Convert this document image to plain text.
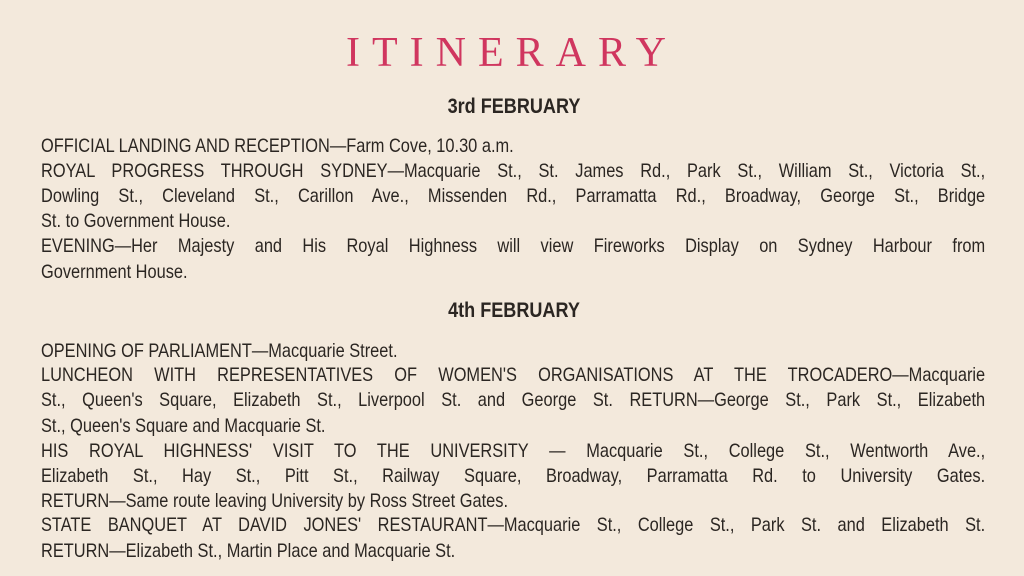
ITINERARY
3rd FEBRUARY
OFFICIAL LANDING AND RECEPTION—Farm Cove, 10.30 a.m.
ROYAL PROGRESS THROUGH SYDNEY—Macquarie St., St. James Rd., Park St., William St., Victoria St.,
Dowling St., Cleveland St., Carillon Ave., Missenden Rd., Parramatta Rd., Broadway, George St., Bridge
St. to Government House.
EVENING—Her Majesty and His Royal Highness will view Fireworks Display on Sydney Harbour from
Government House.
4th FEBRUARY
OPENING OF PARLIAMENT—Macquarie Street.
LUNCHEON WITH REPRESENTATIVES OF WOMEN'S ORGANISATIONS AT THE TROCADERO—Macquarie
St., Queen's Square, Elizabeth St., Liverpool St. and George St. RETURN—George St., Park St., Elizabeth
St., Queen's Square and Macquarie St.
HIS ROYAL HIGHNESS' VISIT TO THE UNIVERSITY — Macquarie St., College St., Wentworth Ave.,
Elizabeth St., Hay St., Pitt St., Railway Square, Broadway, Parramatta Rd. to University Gates.
RETURN—Same route leaving University by Ross Street Gates.
STATE BANQUET AT DAVID JONES' RESTAURANT—Macquarie St., College St., Park St. and Elizabeth St.
RETURN—Elizabeth St., Martin Place and Macquarie St.
